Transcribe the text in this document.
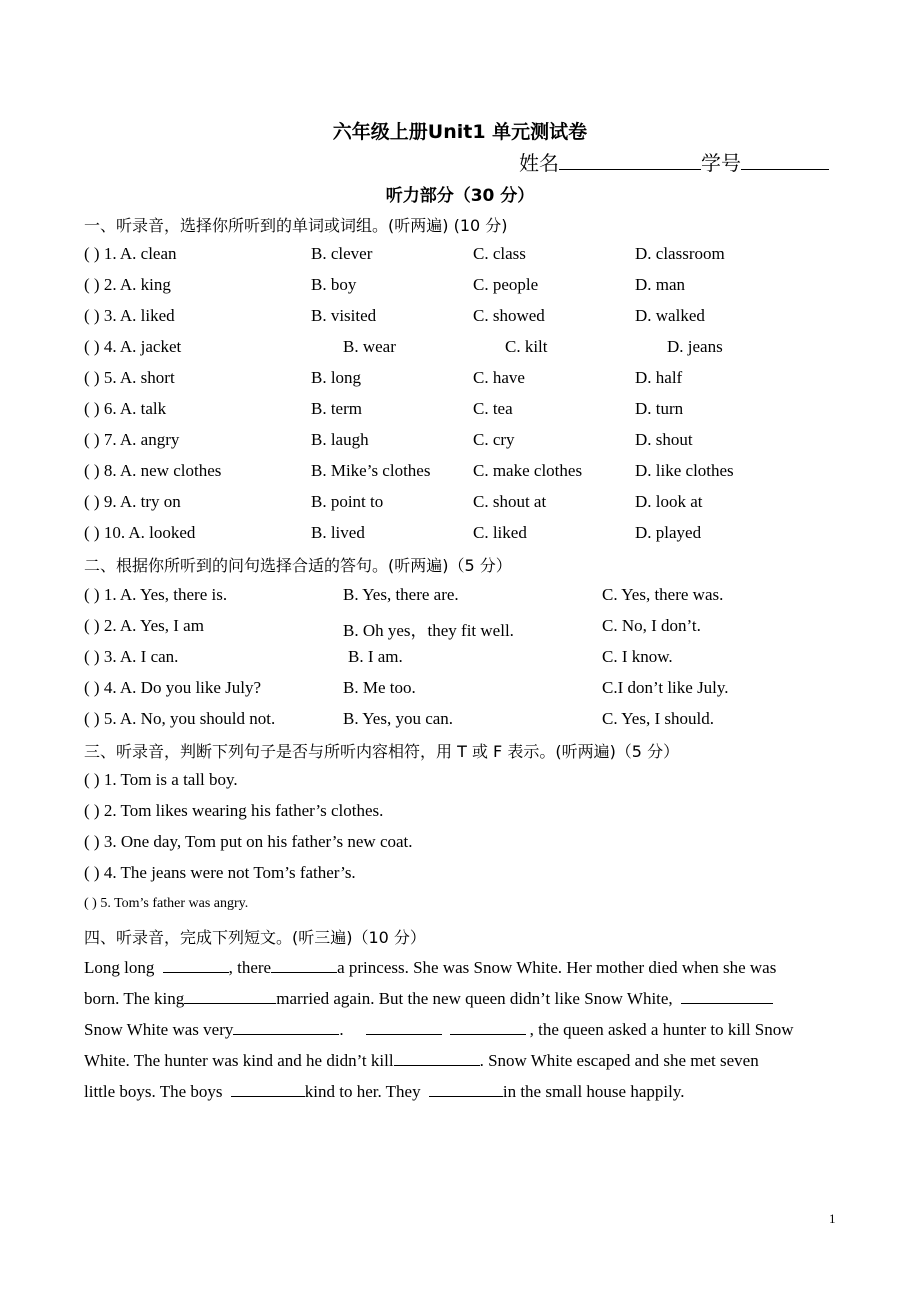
六年级上册Unit1 单元测试卷
姓名	学号
听力部分（30 分）
一、听录音，选择你所听到的单词或词组。(听两遍) (10 分)
( ) 1. A. clean	B. clever	C. class	D. classroom
( ) 2. A. king	B. boy	C. people	D. man
( ) 3. A. liked	B. visited	C. showed	D. walked
( ) 4. A. jacket	B. wear	C. kilt	D. jeans
( ) 5. A. short	B. long	C. have	D. half
( ) 6. A. talk	B. term	C. tea	D. turn
( ) 7. A. angry	B. laugh	C. cry	D. shout
( ) 8. A. new clothes	B. Mike’s clothes	C. make clothes	D. like clothes
( ) 9. A. try on	B. point to	C. shout at	D. look at
( ) 10. A. looked	B. lived	C. liked	D. played
二、根据你所听到的问句选择合适的答句。(听两遍)（5 分）
( ) 1. A. Yes, there is.	B. Yes, there are.	C. Yes, there was.
( ) 2. A. Yes, I am	B. Oh yes，they fit well.	C. No, I don’t.
( ) 3. A. I can.	B. I am.	C. I know.
( ) 4. A. Do you like July?	B. Me too.	C.I don’t like July.
( ) 5. A. No, you should not.	B. Yes, you can.	C. Yes, I should.
三、听录音，判断下列句子是否与所听内容相符，用 T 或 F 表示。(听两遍)（5 分）
( ) 1. Tom is a tall boy.
( ) 2. Tom likes wearing his father’s clothes.
( ) 3. One day, Tom put on his father’s new coat.
( ) 4. The jeans were not Tom’s father’s.
( ) 5. Tom’s father was angry.
四、听录音，完成下列短文。(听三遍)（10 分）
Long long	, there	a princess. She was Snow White. Her mother died when she was
born. The king	married again. But the new queen didn’t like Snow White,
Snow White was very	.	, the queen asked a hunter to kill Snow
White. The hunter was kind and he didn’t kill	. Snow White escaped and she met seven
little boys. The boys	kind to her. They	in the small house happily.
1
